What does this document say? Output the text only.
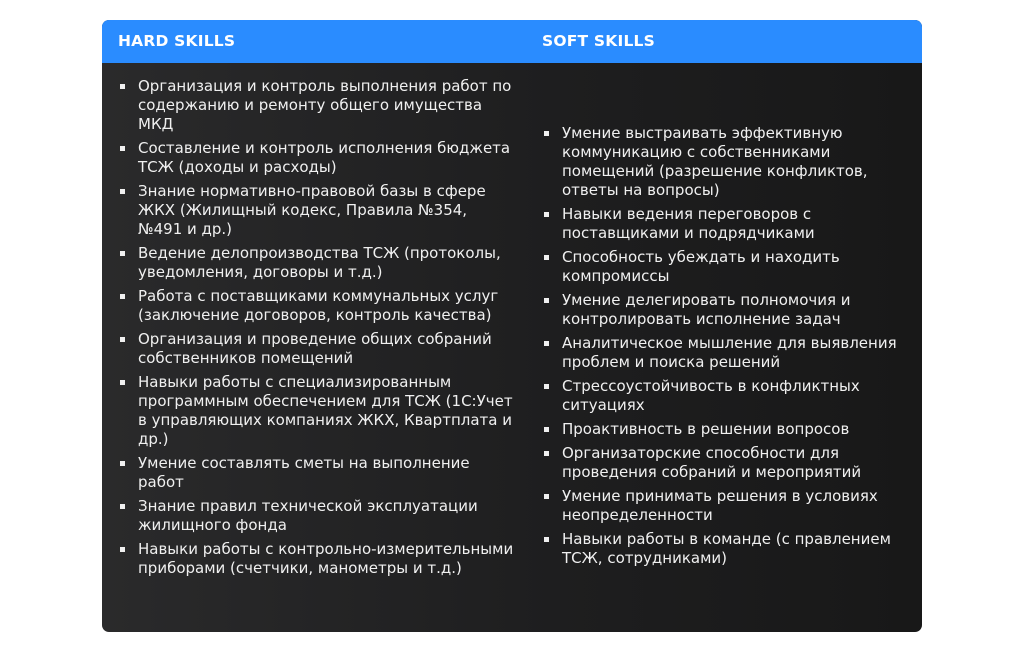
HARD SKILLS	SOFT SKILLS
Организация и контроль выполнения работ по содержанию и ремонту общего имущества МКД
Составление и контроль исполнения бюджета ТСЖ (доходы и расходы)
Знание нормативно-правовой базы в сфере ЖКХ (Жилищный кодекс, Правила №354, №491 и др.)
Ведение делопроизводства ТСЖ (протоколы, уведомления, договоры и т.д.)
Работа с поставщиками коммунальных услуг (заключение договоров, контроль качества)
Организация и проведение общих собраний собственников помещений
Навыки работы с специализированным программным обеспечением для ТСЖ (1С:Учет в управляющих компаниях ЖКХ, Квартплата и др.)
Умение составлять сметы на выполнение работ
Знание правил технической эксплуатации жилищного фонда
Навыки работы с контрольно-измерительными приборами (счетчики, манометры и т.д.)
Умение выстраивать эффективную коммуникацию с собственниками помещений (разрешение конфликтов, ответы на вопросы)
Навыки ведения переговоров с поставщиками и подрядчиками
Способность убеждать и находить компромиссы
Умение делегировать полномочия и контролировать исполнение задач
Аналитическое мышление для выявления проблем и поиска решений
Стрессоустойчивость в конфликтных ситуациях
Проактивность в решении вопросов
Организаторские способности для проведения собраний и мероприятий
Умение принимать решения в условиях неопределенности
Навыки работы в команде (с правлением ТСЖ, сотрудниками)
